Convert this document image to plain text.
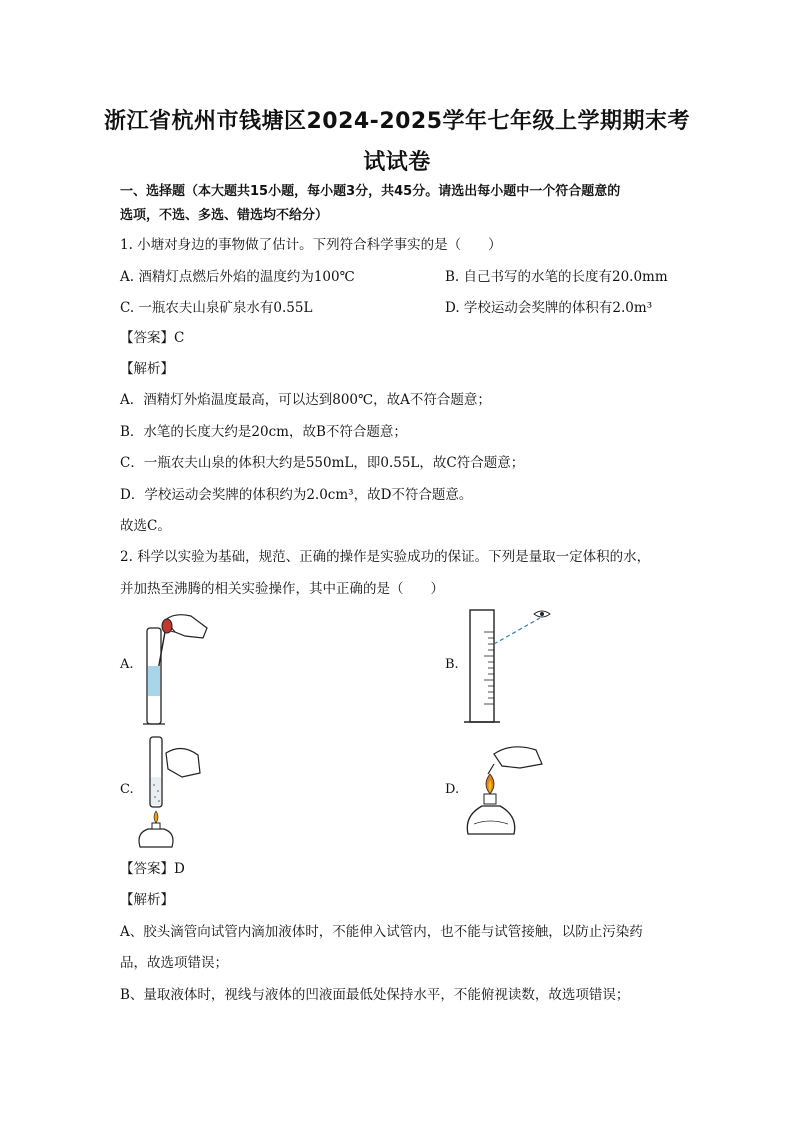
浙江省杭州市钱塘区2024-2025学年七年级上学期期末考
试试卷
一、选择题（本大题共15小题，每小题3分，共45分。请选出每小题中一个符合题意的
选项，不选、多选、错选均不给分）
1. 小塘对身边的事物做了估计。下列符合科学事实的是（　　）
A. 酒精灯点燃后外焰的温度约为100℃	B. 自己书写的水笔的长度有20.0mm
C. 一瓶农夫山泉矿泉水有0.55L	D. 学校运动会奖牌的体积有2.0m³
【答案】C
【解析】
A．酒精灯外焰温度最高，可以达到800℃，故A不符合题意；
B．水笔的长度大约是20cm，故B不符合题意；
C．一瓶农夫山泉的体积大约是550mL，即0.55L，故C符合题意；
D．学校运动会奖牌的体积约为2.0cm³，故D不符合题意。
故选C。
2. 科学以实验为基础，规范、正确的操作是实验成功的保证。下列是量取一定体积的水，
并加热至沸腾的相关实验操作，其中正确的是（　　）
A.	B.
C.	D.
【答案】D
【解析】
A、胶头滴管向试管内滴加液体时，不能伸入试管内，也不能与试管接触，以防止污染药
品，故选项错误；
B、量取液体时，视线与液体的凹液面最低处保持水平，不能俯视读数，故选项错误；
